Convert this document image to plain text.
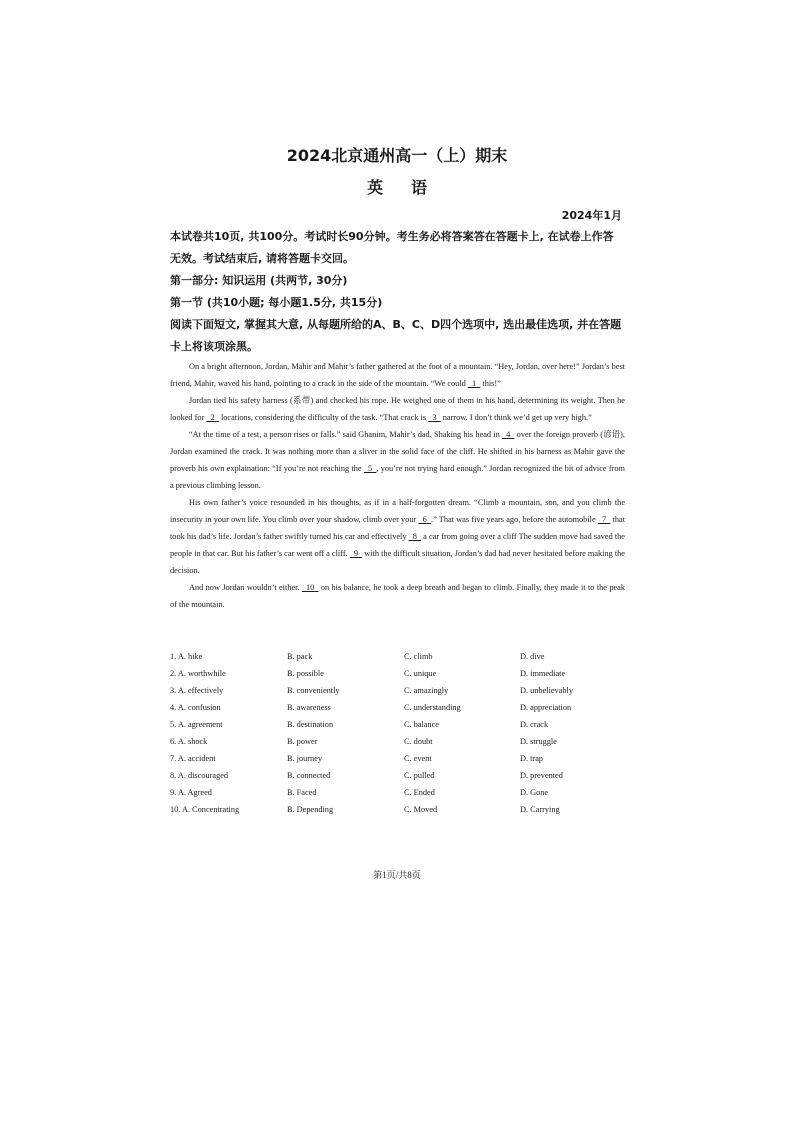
2024北京通州高一（上）期末
英语
2024年1月
本试卷共10页, 共100分。考试时长90分钟。考生务必将答案答在答题卡上, 在试卷上作答
无效。考试结束后, 请将答题卡交回。
第一部分: 知识运用 (共两节, 30分)
第一节 (共10小题; 每小题1.5分, 共15分)
阅读下面短文, 掌握其大意, 从每题所给的A、B、C、D四个选项中, 选出最佳选项, 并在答题
卡上将该项涂黑。

On a bright afternoon, Jordan, Mahir and Mahir’s father gathered at the foot of a mountain. “Hey, Jordan, over here!” Jordan’s best friend, Mahir, waved his hand, pointing to a crack in the side of the mountain. “We could  1  this!”

Jordan tied his safety harness (系带) and checked his rope. He weighed one of them in his hand, determining its weight. Then he looked for  2  locations, considering the difficulty of the task. “That crack is  3  narrow. I don’t think we’d get up very high.”

“At the time of a test, a person rises or falls.” said Ghanim, Mahir’s dad. Shaking his head in  4  over the foreign proverb (谚语), Jordan examined the crack. It was nothing more than a sliver in the solid face of the cliff. He shifted in his harness as Mahir gave the proverb his own explaination: “If you’re not reaching the  5  , you’re not trying hard enough.” Jordan recognized the bit of advice from a previous climbing lesson.

His own father’s voice resounded in his thoughts, as if in a half-forgotten dream. “Climb a mountain, son, and you climb the insecurity in your own life. You climb over your shadow, climb over your  6  .” That was five years ago, before the automobile  7  that took his dad’s life. Jordan’s father swiftly turned his car and effectively  8  a car from going over a cliff The sudden move had saved the people in that car. But his father’s car went off a cliff.  9  with the difficult situation, Jordan’s dad had never hesitated before making the decision.

And now Jordan wouldn’t either.  10  on his balance, he took a deep breath and began to climb. Finally, they made it to the peak of the mountain.

1. A. hike	B. pack	C. climb	D. dive
2. A. worthwhile	B. possible	C. unique	D. immediate
3. A. effectively	B. conveniently	C. amazingly	D. unbelievably
4. A. confusion	B. awareness	C. understanding	D. appreciation
5. A. agreement	B. destination	C. balance	D. crack
6. A. shock	B. power	C. doubt	D. struggle
7. A. accident	B. journey	C. event	D. trap
8. A. discouraged	B. connected	C. pulled	D. prevented
9. A. Agreed	B. Faced	C. Ended	D. Gone
10. A. Concentrating	B. Depending	C. Moved	D. Carrying
第1页/共8页
